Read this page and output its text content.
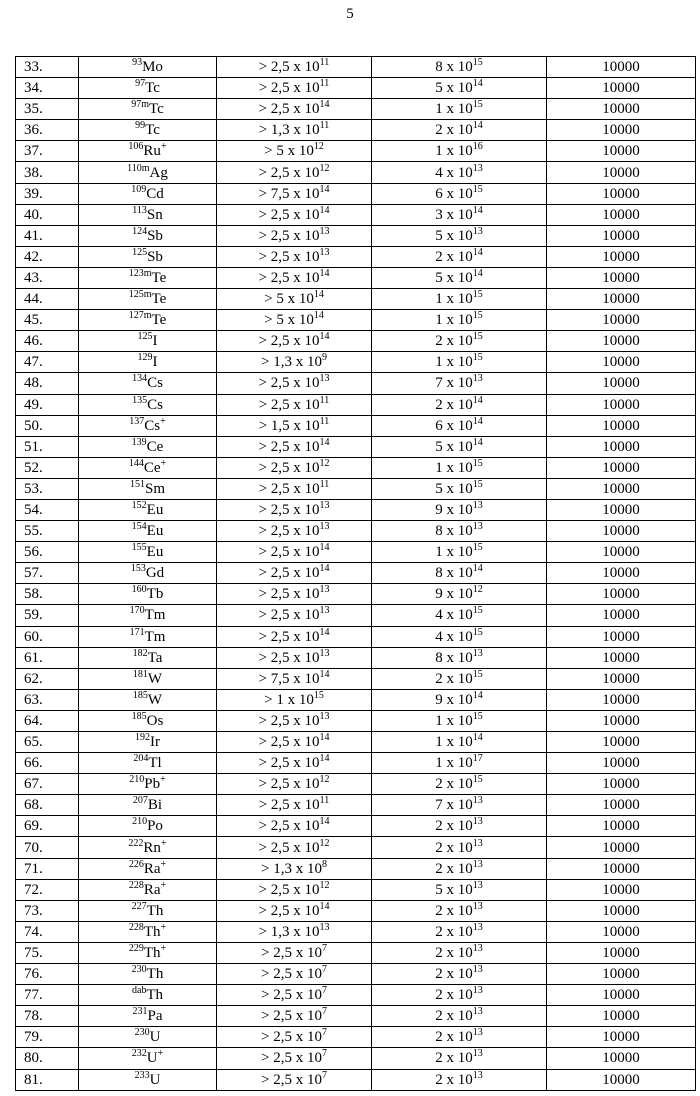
5
33.	$^{93}$Mo	> 2,5 x $10^{11}$	8 x $10^{15}$	10000
34.	$^{97}$Tc	> 2,5 x $10^{11}$	5 x $10^{14}$	10000
35.	$^{97m}$Tc	> 2,5 x $10^{14}$	1 x $10^{15}$	10000
36.	$^{99}$Tc	> 1,3 x $10^{11}$	2 x $10^{14}$	10000
37.	$^{106}$Ru+	> 5 x $10^{12}$	1 x $10^{16}$	10000
38.	$^{110m}$Ag	> 2,5 x $10^{12}$	4 x $10^{13}$	10000
39.	$^{109}$Cd	> 7,5 x $10^{14}$	6 x $10^{15}$	10000
40.	$^{113}$Sn	> 2,5 x $10^{14}$	3 x $10^{14}$	10000
41.	$^{124}$Sb	> 2,5 x $10^{13}$	5 x $10^{13}$	10000
42.	$^{125}$Sb	> 2,5 x $10^{13}$	2 x $10^{14}$	10000
43.	$^{123m}$Te	> 2,5 x $10^{14}$	5 x $10^{14}$	10000
44.	$^{125m}$Te	> 5 x $10^{14}$	1 x $10^{15}$	10000
45.	$^{127m}$Te	> 5 x $10^{14}$	1 x $10^{15}$	10000
46.	$^{125}$I	> 2,5 x $10^{14}$	2 x $10^{15}$	10000
47.	$^{129}$I	> 1,3 x $10^9$	1 x $10^{15}$	10000
48.	$^{134}$Cs	> 2,5 x $10^{13}$	7 x $10^{13}$	10000
49.	$^{135}$Cs	> 2,5 x $10^{11}$	2 x $10^{14}$	10000
50.	$^{137}$Cs+	> 1,5 x $10^{11}$	6 x $10^{14}$	10000
51.	$^{139}$Ce	> 2,5 x $10^{14}$	5 x $10^{14}$	10000
52.	$^{144}$Ce+	> 2,5 x $10^{12}$	1 x $10^{15}$	10000
53.	$^{151}$Sm	> 2,5 x $10^{11}$	5 x $10^{15}$	10000
54.	$^{152}$Eu	> 2,5 x $10^{13}$	9 x $10^{13}$	10000
55.	$^{154}$Eu	> 2,5 x $10^{13}$	8 x $10^{13}$	10000
56.	$^{155}$Eu	> 2,5 x $10^{14}$	1 x $10^{15}$	10000
57.	$^{153}$Gd	> 2,5 x $10^{14}$	8 x $10^{14}$	10000
58.	$^{160}$Tb	> 2,5 x $10^{13}$	9 x $10^{12}$	10000
59.	$^{170}$Tm	> 2,5 x $10^{13}$	4 x $10^{15}$	10000
60.	$^{171}$Tm	> 2,5 x $10^{14}$	4 x $10^{15}$	10000
61.	$^{182}$Ta	> 2,5 x $10^{13}$	8 x $10^{13}$	10000
62.	$^{181}$W	> 7,5 x $10^{14}$	2 x $10^{15}$	10000
63.	$^{185}$W	> 1 x $10^{15}$	9 x $10^{14}$	10000
64.	$^{185}$Os	> 2,5 x $10^{13}$	1 x $10^{15}$	10000
65.	$^{192}$Ir	> 2,5 x $10^{14}$	1 x $10^{14}$	10000
66.	$^{204}$Tl	> 2,5 x $10^{14}$	1 x $10^{17}$	10000
67.	$^{210}$Pb+	> 2,5 x $10^{12}$	2 x $10^{15}$	10000
68.	$^{207}$Bi	> 2,5 x $10^{11}$	7 x $10^{13}$	10000
69.	$^{210}$Po	> 2,5 x $10^{14}$	2 x $10^{13}$	10000
70.	$^{222}$Rn+	> 2,5 x $10^{12}$	2 x $10^{13}$	10000
71.	$^{226}$Ra+	> 1,3 x $10^8$	2 x $10^{13}$	10000
72.	$^{228}$Ra+	> 2,5 x $10^{12}$	5 x $10^{13}$	10000
73.	$^{227}$Th	> 2,5 x $10^{14}$	2 x $10^{13}$	10000
74.	$^{228}$Th+	> 1,3 x $10^{13}$	2 x $10^{13}$	10000
75.	$^{229}$Th+	> 2,5 x $10^7$	2 x $10^{13}$	10000
76.	$^{230}$Th	> 2,5 x $10^7$	2 x $10^{13}$	10000
77.	$^{dab}$Th	> 2,5 x $10^7$	2 x $10^{13}$	10000
78.	$^{231}$Pa	> 2,5 x $10^7$	2 x $10^{13}$	10000
79.	$^{230}$U	> 2,5 x $10^7$	2 x $10^{13}$	10000
80.	$^{232}$U+	> 2,5 x $10^7$	2 x $10^{13}$	10000
81.	$^{233}$U	> 2,5 x $10^7$	2 x $10^{13}$	10000
